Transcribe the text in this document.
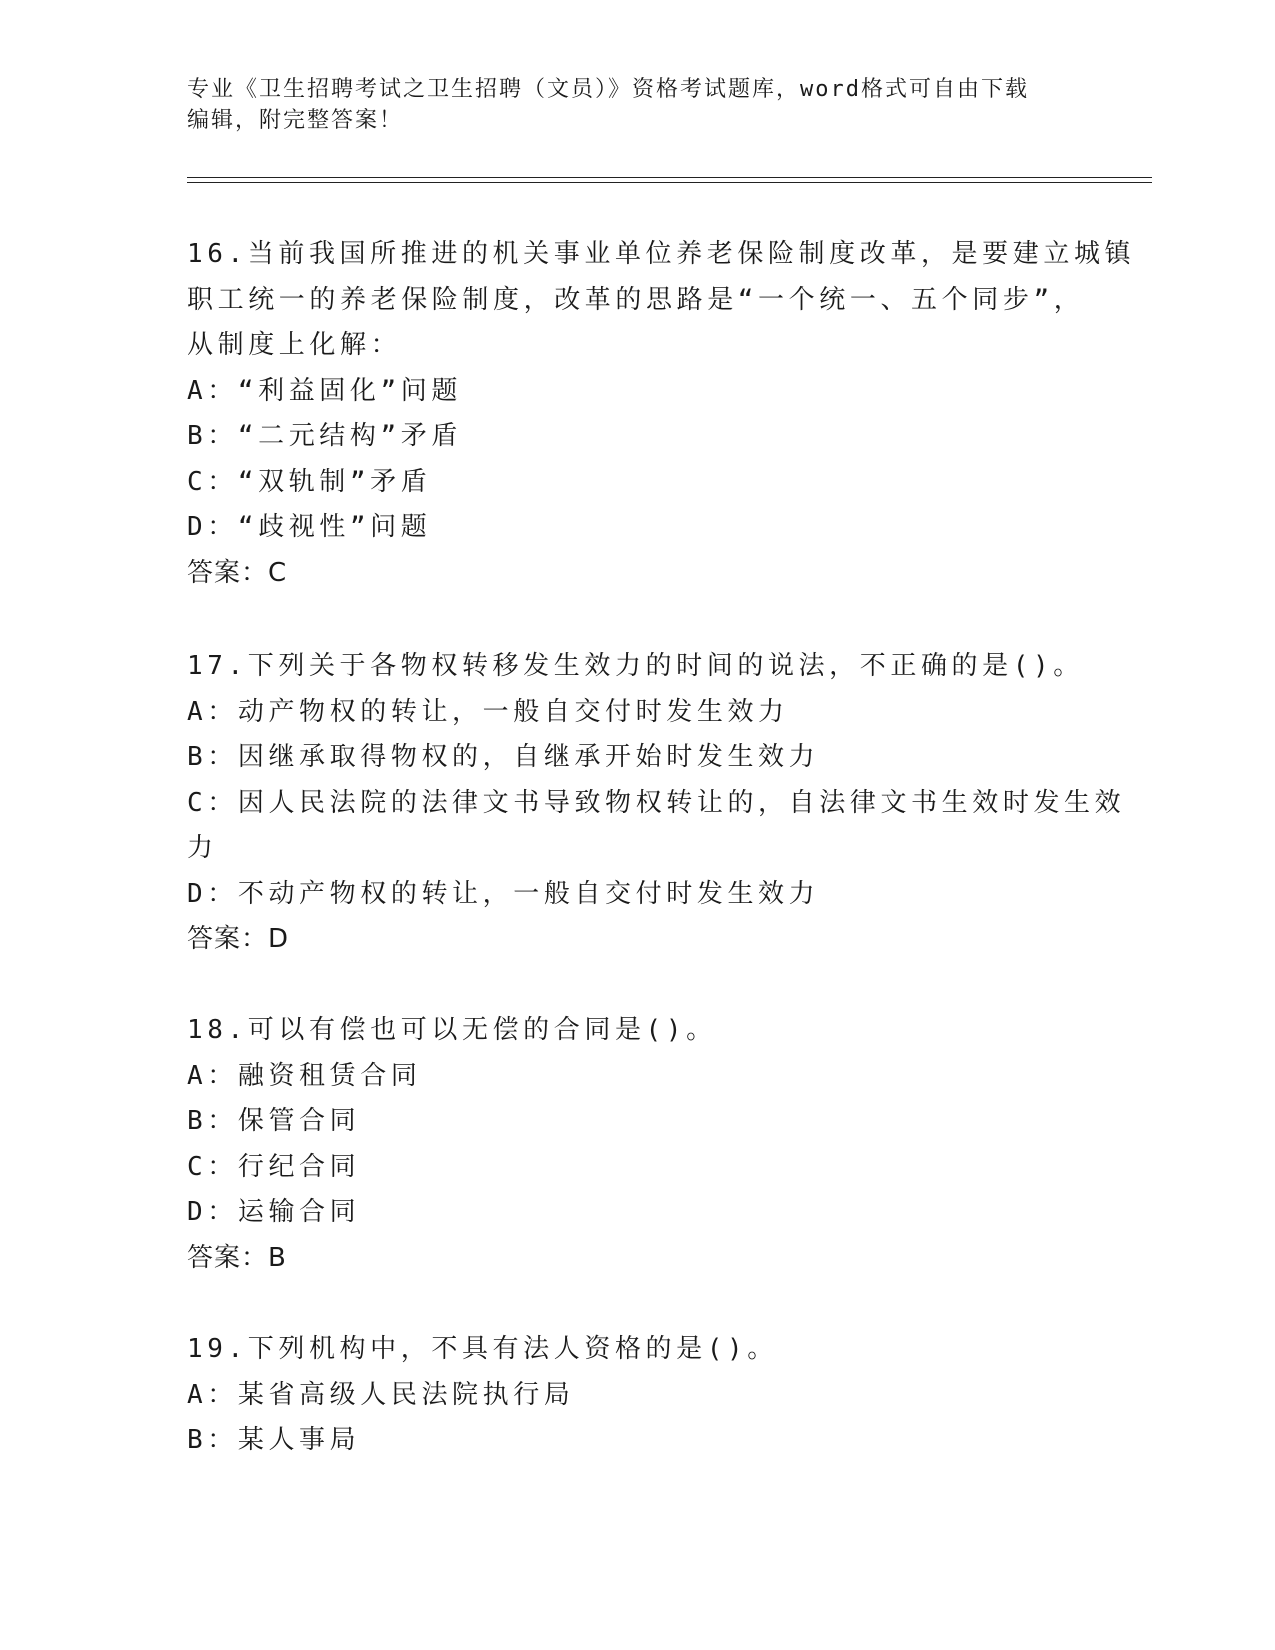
专业《卫生招聘考试之卫生招聘（文员）》资格考试题库，word格式可自由下载
编辑，附完整答案！
16.当前我国所推进的机关事业单位养老保险制度改革，是要建立城镇
职工统一的养老保险制度，改革的思路是“一个统一、五个同步”，
从制度上化解：
A：“利益固化”问题
B：“二元结构”矛盾
C：“双轨制”矛盾
D：“歧视性”问题
答案：C
17.下列关于各物权转移发生效力的时间的说法，不正确的是()。
A：动产物权的转让，一般自交付时发生效力
B：因继承取得物权的，自继承开始时发生效力
C：因人民法院的法律文书导致物权转让的，自法律文书生效时发生效
力
D：不动产物权的转让，一般自交付时发生效力
答案：D
18.可以有偿也可以无偿的合同是()。
A：融资租赁合同
B：保管合同
C：行纪合同
D：运输合同
答案：B
19.下列机构中，不具有法人资格的是()。
A：某省高级人民法院执行局
B：某人事局
